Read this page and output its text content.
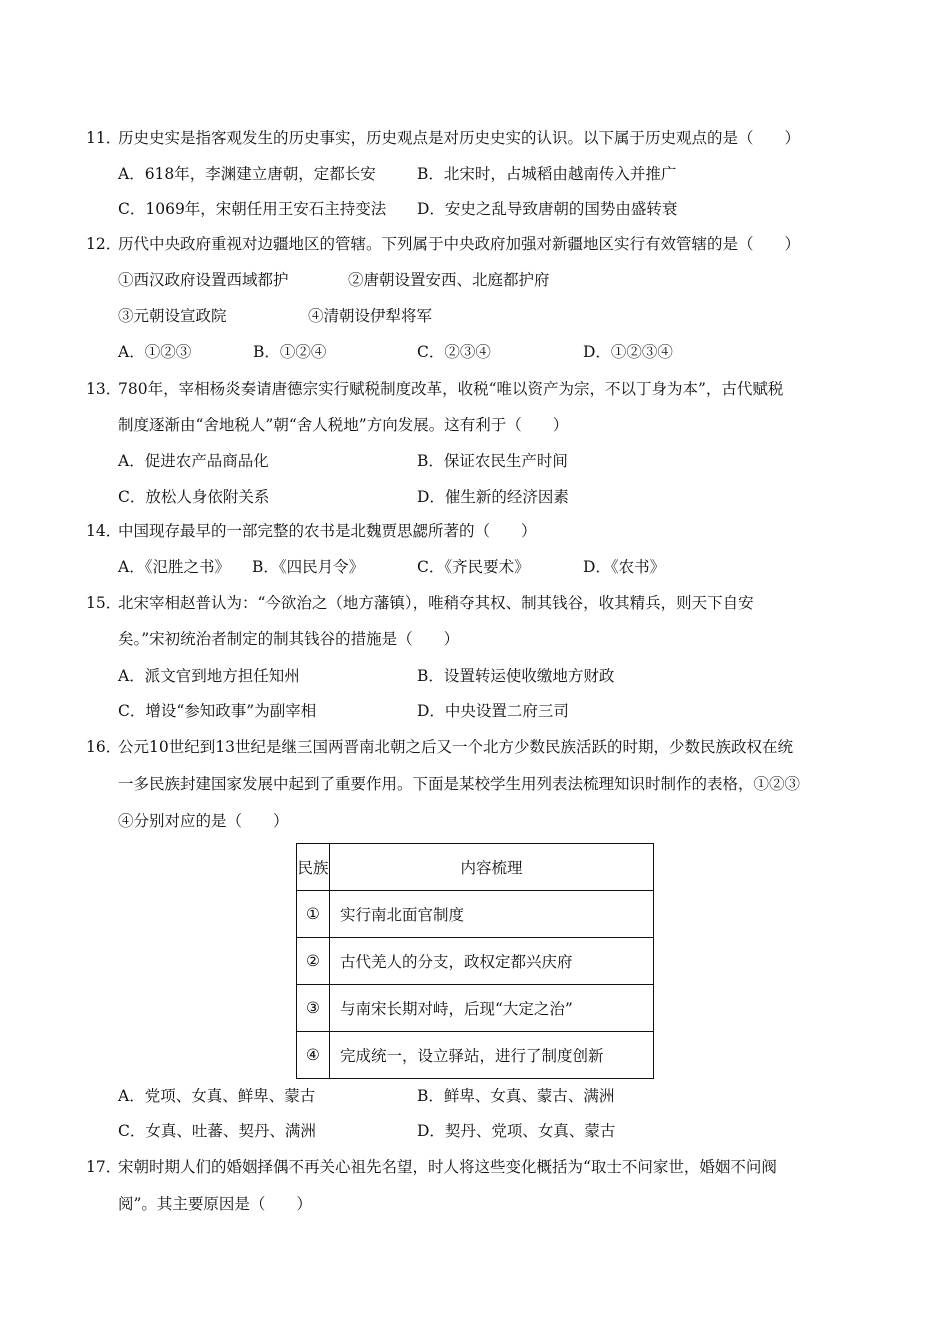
11．
历史史实是指客观发生的历史事实，历史观点是对历史史实的认识。以下属于历史观点的是（　　）
A．618年，李渊建立唐朝，定都长安	B．北宋时，占城稻由越南传入并推广
C．1069年，宋朝任用王安石主持变法 D．安史之乱导致唐朝的国势由盛转衰
12．
历代中央政府重视对边疆地区的管辖。下列属于中央政府加强对新疆地区实行有效管辖的是（　　）
①西汉政府设置西域都护	②唐朝设置安西、北庭都护府
③元朝设宣政院	④清朝设伊犁将军
A．①②③	B．①②④	C．②③④	D．①②③④
13．
780年，宰相杨炎奏请唐德宗实行赋税制度改革，收税“唯以资产为宗，不以丁身为本”，古代赋税
制度逐渐由“舍地税人”朝“舍人税地”方向发展。这有利于（　　）
A．促进农产品商品化	B．保证农民生产时间
C．放松人身依附关系	D．催生新的经济因素
14．
中国现存最早的一部完整的农书是北魏贾思勰所著的（　　）
A．《氾胜之书》 B．《四民月令》	C．《齐民要术》	D．《农书》
15．
北宋宰相赵普认为：“今欲治之（地方藩镇），唯稍夺其权、制其钱谷，收其精兵，则天下自安
矣。”宋初统治者制定的制其钱谷的措施是（　　）
A．派文官到地方担任知州	B．设置转运使收缴地方财政
C．增设“参知政事”为副宰相	D．中央设置二府三司
16．
公元10世纪到13世纪是继三国两晋南北朝之后又一个北方少数民族活跃的时期，少数民族政权在统
一多民族封建国家发展中起到了重要作用。下面是某校学生用列表法梳理知识时制作的表格，①②③
④分别对应的是（　　）
民族	内容梳理
①	实行南北面官制度
②	古代羌人的分支，政权定都兴庆府
③	与南宋长期对峙，后现“大定之治”
④	完成统一，设立驿站，进行了制度创新
A．党项、女真、鲜卑、蒙古	B．鲜卑、女真、蒙古、满洲
C．女真、吐蕃、契丹、满洲	D．契丹、党项、女真、蒙古
17．
宋朝时期人们的婚姻择偶不再关心祖先名望，时人将这些变化概括为“取士不问家世，婚姻不问阀
阅”。其主要原因是（　　）
